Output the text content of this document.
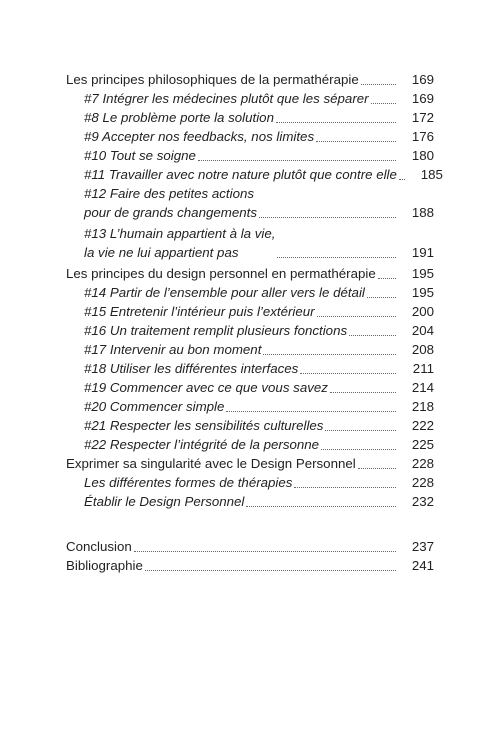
Les principes philosophiques de la permathérapie	169
#7 Intégrer les médecines plutôt que les séparer	169
#8 Le problème porte la solution	172
#9 Accepter nos feedbacks, nos limites	176
#10 Tout se soigne	180
#11 Travailler avec notre nature plutôt que contre elle	185
#12 Faire des petites actions
pour de grands changements	188
#13 L’humain appartient à la vie,
la vie ne lui appartient pas	191
Les principes du design personnel en permathérapie	195
#14 Partir de l’ensemble pour aller vers le détail	195
#15 Entretenir l’intérieur puis l’extérieur	200
#16 Un traitement remplit plusieurs fonctions	204
#17 Intervenir au bon moment	208
#18 Utiliser les différentes interfaces	211
#19 Commencer avec ce que vous savez	214
#20 Commencer simple	218
#21 Respecter les sensibilités culturelles	222
#22 Respecter l’intégrité de la personne	225
Exprimer sa singularité avec le Design Personnel	228
Les différentes formes de thérapies	228
Établir le Design Personnel	232
Conclusion	237
Bibliographie	241
